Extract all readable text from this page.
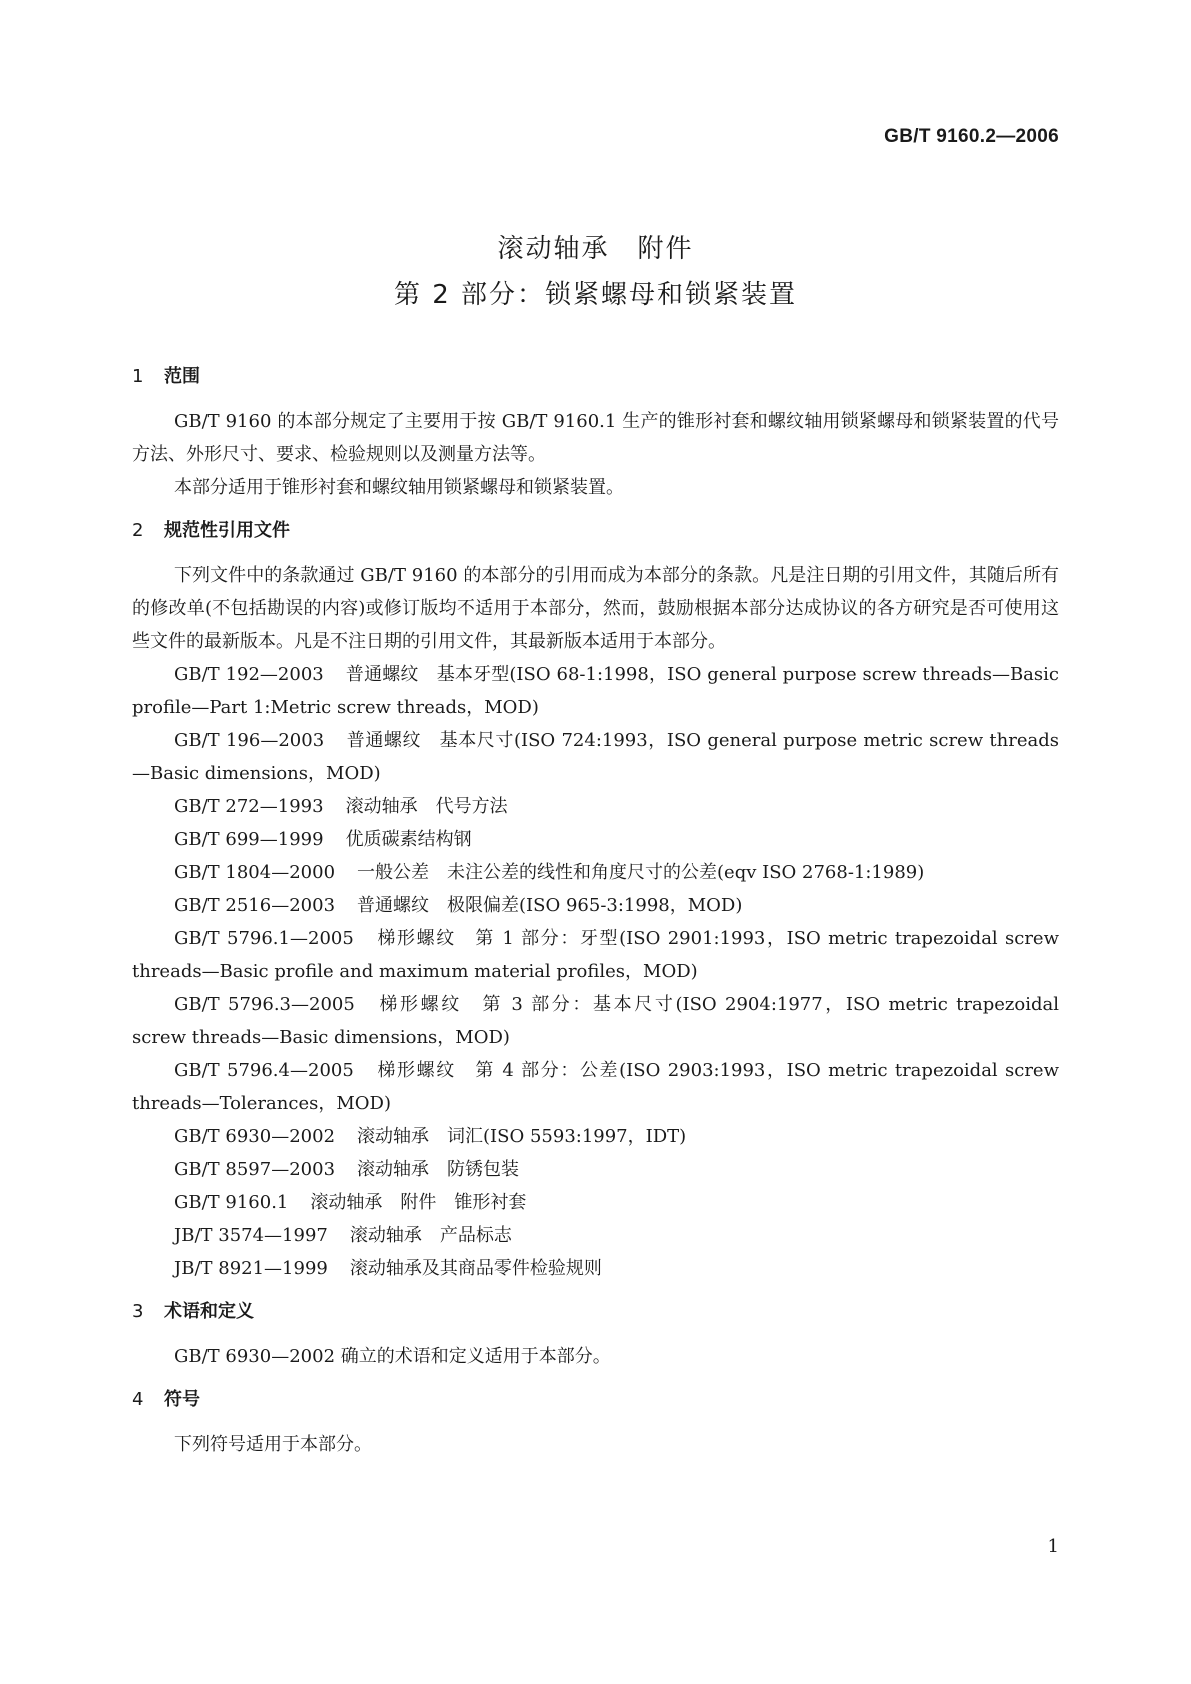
GB/T 9160.2—2006
滚动轴承　附件
第 2 部分：锁紧螺母和锁紧装置

1 范围

GB/T 9160 的本部分规定了主要用于按 GB/T 9160.1 生产的锥形衬套和螺纹轴用锁紧螺母和锁紧装置的代号方法、外形尺寸、要求、检验规则以及测量方法等。

本部分适用于锥形衬套和螺纹轴用锁紧螺母和锁紧装置。

2 规范性引用文件

下列文件中的条款通过 GB/T 9160 的本部分的引用而成为本部分的条款。凡是注日期的引用文件，其随后所有的修改单(不包括勘误的内容)或修订版均不适用于本部分，然而，鼓励根据本部分达成协议的各方研究是否可使用这些文件的最新版本。凡是不注日期的引用文件，其最新版本适用于本部分。

GB/T 192—2003 普通螺纹　基本牙型(ISO 68-1:1998，ISO general purpose screw threads—Basic profile—Part 1:Metric screw threads，MOD)

GB/T 196—2003 普通螺纹　基本尺寸(ISO 724:1993，ISO general purpose metric screw threads—Basic dimensions，MOD)

GB/T 272—1993 滚动轴承　代号方法

GB/T 699—1999 优质碳素结构钢

GB/T 1804—2000 一般公差　未注公差的线性和角度尺寸的公差(eqv ISO 2768-1:1989)

GB/T 2516—2003 普通螺纹　极限偏差(ISO 965-3:1998，MOD)

GB/T 5796.1—2005 梯形螺纹　第 1 部分：牙型(ISO 2901:1993，ISO metric trapezoidal screw threads—Basic profile and maximum material profiles，MOD)

GB/T 5796.3—2005 梯形螺纹　第 3 部分：基本尺寸(ISO 2904:1977，ISO metric trapezoidal screw threads—Basic dimensions，MOD)

GB/T 5796.4—2005 梯形螺纹　第 4 部分：公差(ISO 2903:1993，ISO metric trapezoidal screw threads—Tolerances，MOD)

GB/T 6930—2002 滚动轴承　词汇(ISO 5593:1997，IDT)

GB/T 8597—2003 滚动轴承　防锈包装

GB/T 9160.1 滚动轴承　附件　锥形衬套

JB/T 3574—1997 滚动轴承　产品标志

JB/T 8921—1999 滚动轴承及其商品零件检验规则

3 术语和定义

GB/T 6930—2002 确立的术语和定义适用于本部分。

4 符号

下列符号适用于本部分。

1
